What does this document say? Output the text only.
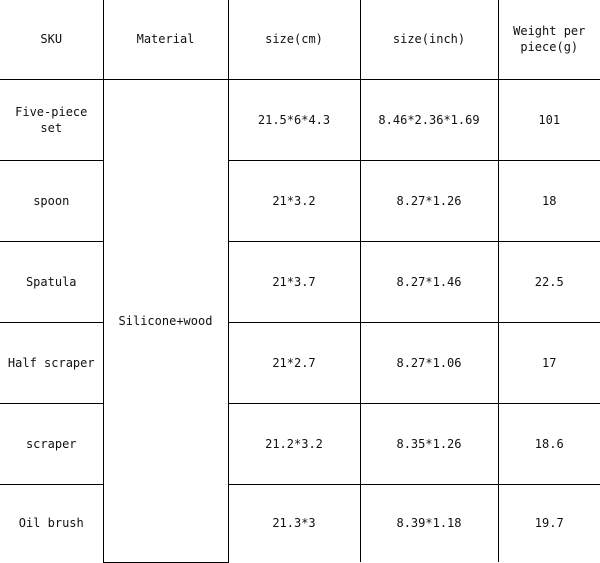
SKU	Material	size(cm)	size(inch)	Weight per piece(g)
Five-piece set	Silicone+wood	21.5*6*4.3	8.46*2.36*1.69	101
spoon		21*3.2	8.27*1.26	18
Spatula		21*3.7	8.27*1.46	22.5
Half scraper		21*2.7	8.27*1.06	17
scraper		21.2*3.2	8.35*1.26	18.6
Oil brush		21.3*3	8.39*1.18	19.7
